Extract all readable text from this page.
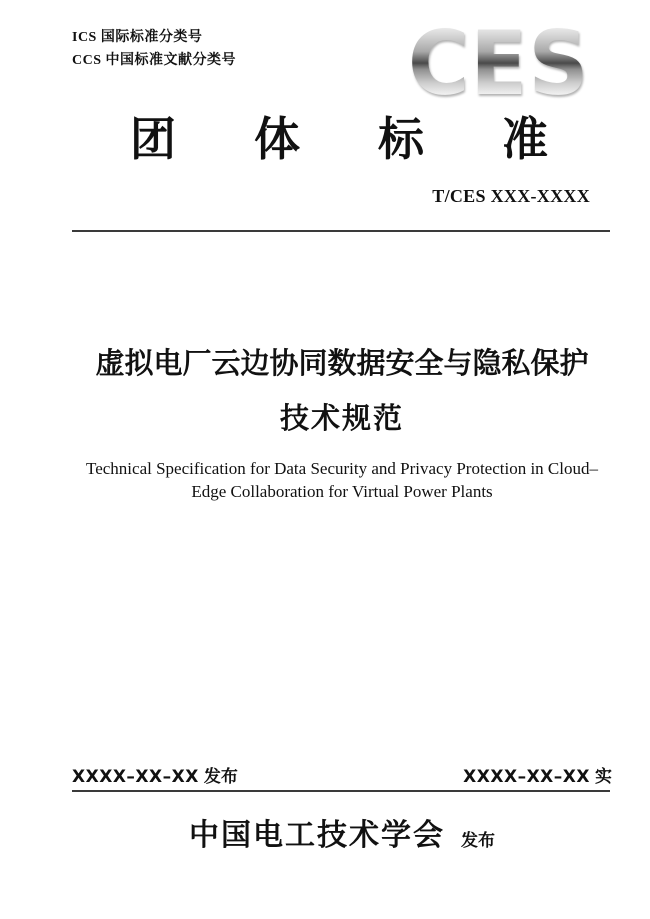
ICS 国际标准分类号
CCS 中国标准文献分类号 CES
团 体 标 准
T/CES XXX-XXXX
虚拟电厂云边协同数据安全与隐私保护
技术规范
Technical Specification for Data Security and Privacy Protection in Cloud–
Edge Collaboration for Virtual Power Plants
XXXX–XX–XX 发布	XXXX–XX–XX 实
中国电工技术学会 发布
